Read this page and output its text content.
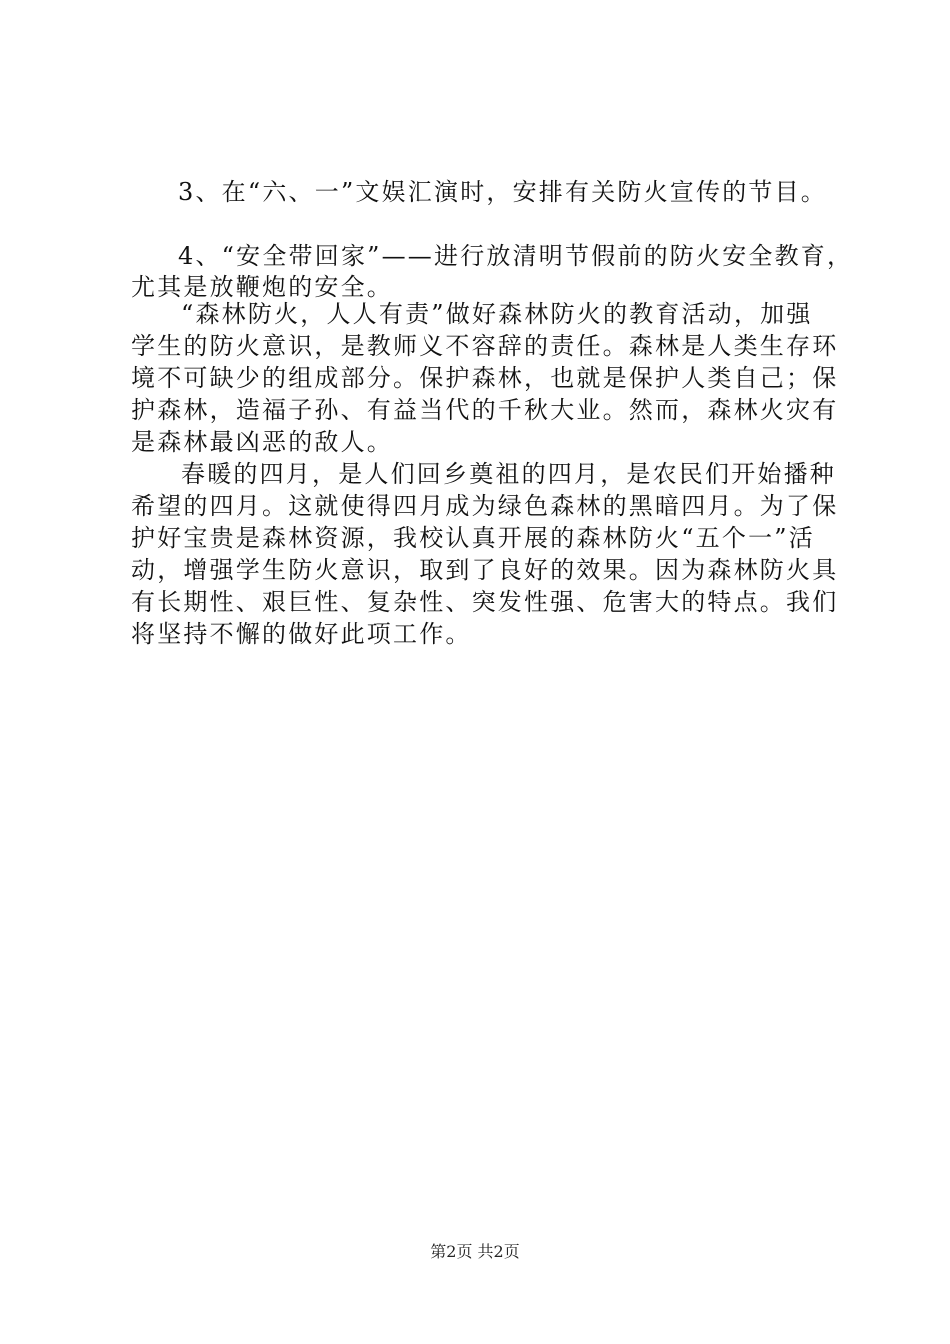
3、在“六、一”文娱汇演时，安排有关防火宣传的节目。
4、“安全带回家”——进行放清明节假前的防火安全教育，
尤其是放鞭炮的安全。
“森林防火，人人有责”做好森林防火的教育活动，加强
学生的防火意识，是教师义不容辞的责任。森林是人类生存环
境不可缺少的组成部分。保护森林，也就是保护人类自己；保
护森林，造福子孙、有益当代的千秋大业。然而，森林火灾有
是森林最凶恶的敌人。
春暖的四月，是人们回乡奠祖的四月，是农民们开始播种
希望的四月。这就使得四月成为绿色森林的黑暗四月。为了保
护好宝贵是森林资源，我校认真开展的森林防火“五个一”活
动，增强学生防火意识，取到了良好的效果。因为森林防火具
有长期性、艰巨性、复杂性、突发性强、危害大的特点。我们
将坚持不懈的做好此项工作。
第2页 共2页
